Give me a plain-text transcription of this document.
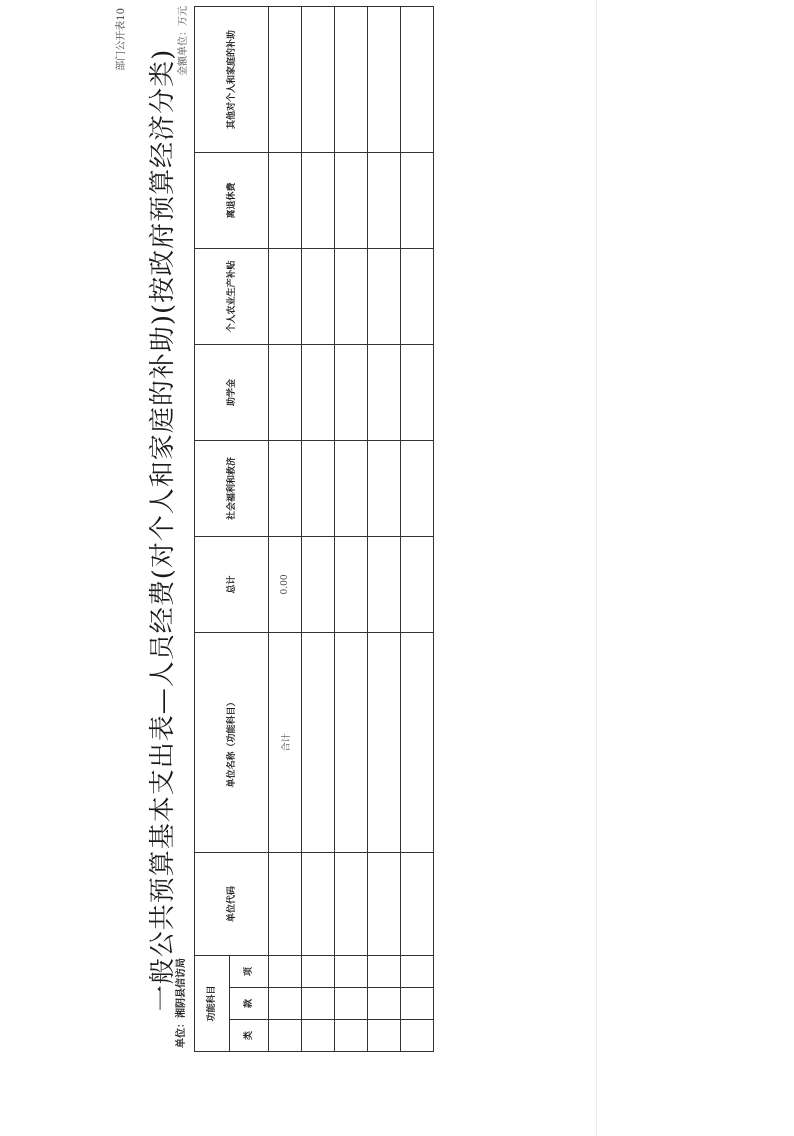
部门公开表10
一般公共预算基本支出表—人员经费(对个人和家庭的补助)(按政府预算经济分类)
单位：湘阴县信访局
金额单位：万元
功能科目			单位代码	单位名称（功能科目）	总计	社会福利和救济	助学金	个人农业生产补贴	离退休费	其他对个人和家庭的补助
类	款	项								
				合计	0.00					
